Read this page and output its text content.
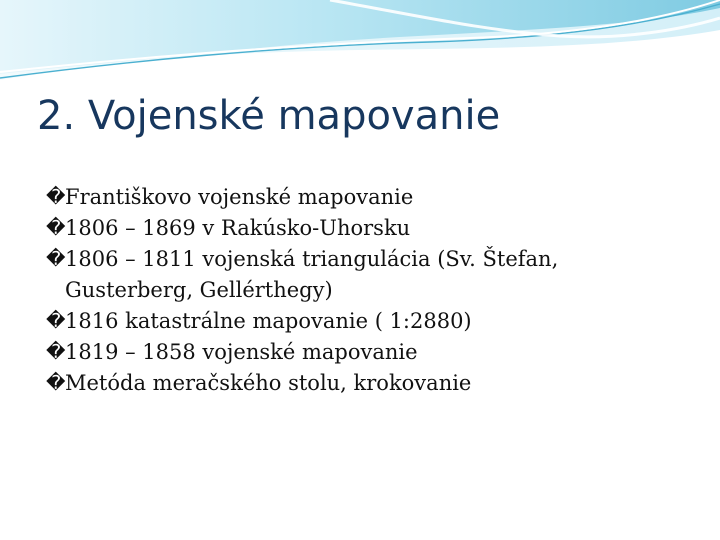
2. Vojenské mapovanie
� Františkovo vojenské mapovanie
� 1806 – 1869 v Rakúsko-Uhorsku
� 1806 – 1811 vojenská triangulácia (Sv. Štefan, Gusterberg, Gellérthegy)
� 1816 katastrálne mapovanie ( 1:2880)
� 1819 – 1858 vojenské mapovanie
� Metóda meračského stolu, krokovanie
